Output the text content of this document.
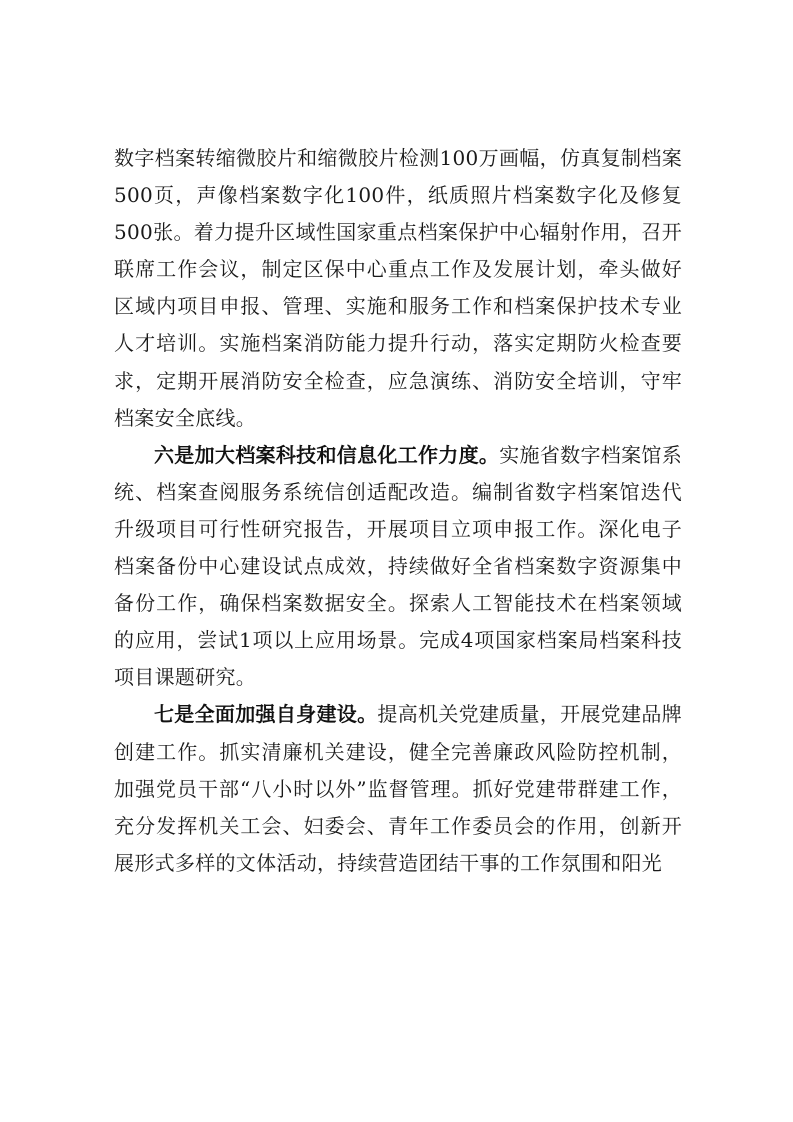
数字档案转缩微胶片和缩微胶片检测100万画幅，仿真复制档案500页，声像档案数字化100件，纸质照片档案数字化及修复500张。着力提升区域性国家重点档案保护中心辐射作用，召开联席工作会议，制定区保中心重点工作及发展计划，牵头做好区域内项目申报、管理、实施和服务工作和档案保护技术专业人才培训。实施档案消防能力提升行动，落实定期防火检查要求，定期开展消防安全检查，应急演练、消防安全培训，守牢档案安全底线。

六是加大档案科技和信息化工作力度。实施省数字档案馆系统、档案查阅服务系统信创适配改造。编制省数字档案馆迭代升级项目可行性研究报告，开展项目立项申报工作。深化电子档案备份中心建设试点成效，持续做好全省档案数字资源集中备份工作，确保档案数据安全。探索人工智能技术在档案领域的应用，尝试1项以上应用场景。完成4项国家档案局档案科技项目课题研究。

七是全面加强自身建设。提高机关党建质量，开展党建品牌创建工作。抓实清廉机关建设，健全完善廉政风险防控机制，加强党员干部“八小时以外”监督管理。抓好党建带群建工作，充分发挥机关工会、妇委会、青年工作委员会的作用，创新开展形式多样的文体活动，持续营造团结干事的工作氛围和阳光
